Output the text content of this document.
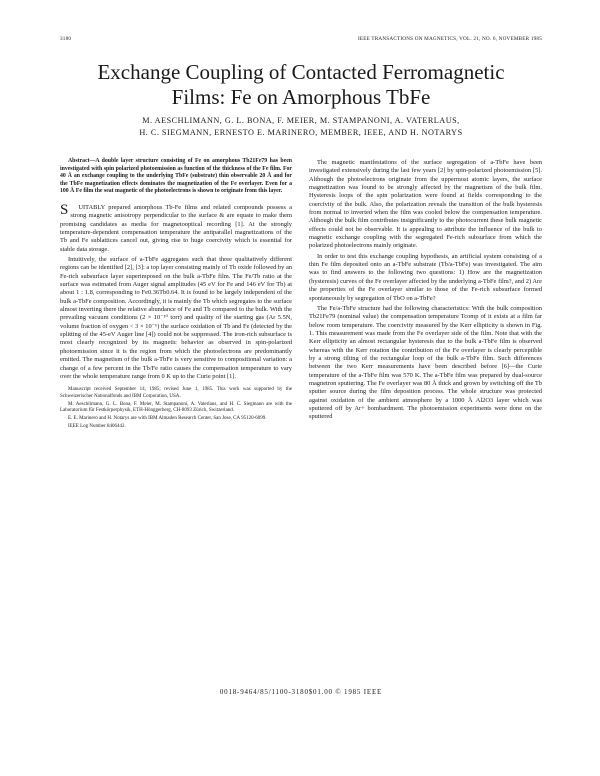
3180	IEEE TRANSACTIONS ON MAGNETICS, VOL. 21, NO. 6, NOVEMBER 1985
Exchange Coupling of Contacted Ferromagnetic
Films: Fe on Amorphous TbFe
M. AESCHLIMANN, G. L. BONA, F. MEIER, M. STAMPANONI, A. VATERLAUS,
H. C. SIEGMANN, ERNESTO E. MARINERO, MEMBER, IEEE, AND H. NOTARYS

Abstract—A double layer structure consisting of Fe on amorphous Tb21Fe79 has been investigated with spin polarized photoemission as function of the thickness of the Fe film. For 40 Å an exchange coupling to the underlying TbFe (substrate) thin observable 20 Å and for the TbFe magnetization effects dominates the magnetization of the Fe overlayer. Even for a 100 Å Fe film the seat magnetic of the photoelectrons is shown to originate from this layer.

S UITABLY prepared amorphous Tb-Fe films and related compounds possess a strong magnetic anisotropy perpendicular to the surface & are equate to make them promising candidates as media for magnetooptical recording [1]. At the strongly temperature-dependent compensation temperature the antiparallel magnetizations of the Tb and Fe sublattices cancel out, giving rise to huge coercivity which is essential for stable data storage.

Intuitively, the surface of a-TbFe aggregates such that three qualitatively different regions can be identified [2], [3]: a top layer consisting mainly of Tb oxide followed by an Fe-rich subsurface layer superimposed on the bulk a-TbFe film. The Fe/Tb ratio at the surface was estimated from Auger signal amplitudes (45 eV for Fe and 146 eV for Tb) at about 1 : 1.8, corresponding to Fe0.36Tb0.64. It is found to be largely independent of the bulk a-TbFe composition. Accordingly, it is mainly the Tb which segregates to the surface almost inverting there the relative abundance of Fe and Tb compared to the bulk. With the prevailing vacuum conditions (2 × 10⁻¹⁰ torr) and quality of the starting gas (Ar 5.5N, volume fraction of oxygen < 3 × 10⁻⁶) the surface oxidation of Tb and Fe (detected by the splitting of the 45-eV Auger line [4]) could not be suppressed. The iron-rich subsurface is most clearly recognized by its magnetic behavior as observed in spin-polarized photoemission since it is the region from which the photoelectrons are predominantly emitted. The magnetism of the bulk a-TbFe is very sensitive to compositional variation: a change of a few percent in the Tb/Fe ratio causes the compensation temperature to vary over the whole temperature range from 0 K up to the Curie point [1].

Manuscript received September 14, 1985; revised June 1, 1985. This work was supported by the Schweizerischer Nationalfonds and IBM Corporation, USA.

M. Aeschlimann, G. L. Bona, F. Meier, M. Stampanoni, A. Vaterlaus, and H. C. Siegmann are with the Laboratorium für Festkörperphysik, ETH-Hönggerberg, CH-8093 Zürich, Switzerland.

E. E. Marinero and H. Notarys are with IBM Almaden Research Center, San Jose, CA 95120-6099.

IEEE Log Number 8406442.

The magnetic manifestations of the surface segregation of a-TbFe have been investigated extensively during the last few years [2] by spin-polarized photoemission [5]. Although the photoelectrons originate from the uppermost atomic layers, the surface magnetization was found to be strongly affected by the magnetism of the bulk film. Hysteresis loops of the spin polarization were found at fields corresponding to the coercivity of the bulk. Also, the polarization reveals the transition of the bulk hysteresis from normal to inverted when the film was cooled below the compensation temperature. Although the bulk film contributes insignificantly to the photocurrent these bulk magnetic effects could not be observable. It is appealing to attribute the influence of the bulk to magnetic exchange coupling with the segregated Fe-rich subsurface from which the polarized photoelectrons mainly originate.

In order to test this exchange coupling hypothesis, an artificial system consisting of a thin Fe film deposited onto an a-TbFe substrate (Tb/a-TbFe) was investigated. The aim was to find answers to the following two questions: 1) How are the magnetization (hysteresis) curves of the Fe overlayer affected by the underlying a-TbFe film?, and 2) Are the properties of the Fe overlayer similar to those of the Fe-rich subsurface formed spontaneously by segregation of TbO on a-TbFe?

The Fe/a-TbFe structure had the following characteristics: With the bulk composition Tb21Fe79 (nominal value) the compensation temperature Tcomp of it exists at a film far below room temperature. The coercivity measured by the Kerr ellipticity is shown in Fig. 1. This measurement was made from the Fe overlayer side of the film. Note that with the Kerr ellipticity an almost rectangular hysteresis due to the bulk a-TbFe film is observed whereas with the Kerr rotation the contribution of the Fe overlayer is clearly perceptible by a strong tilting of the rectangular loop of the bulk a-TbFe film. Such differences between the two Kerr measurements have been described before [6]—the Curie temperature of the a-TbFe film was 570 K. The a-TbFe film was prepared by dual-source magnetron sputtering. The Fe overlayer was 80 Å thick and grown by switching off the Tb sputter source during the film deposition process. The whole structure was protected against oxidation of the ambient atmosphere by a 1000 Å Al2O3 layer which was sputtered off by Ar+ bombardment. The photoemission experiments were done on the sputtered

0018-9464/85/1100-3180$01.00 © 1985 IEEE
